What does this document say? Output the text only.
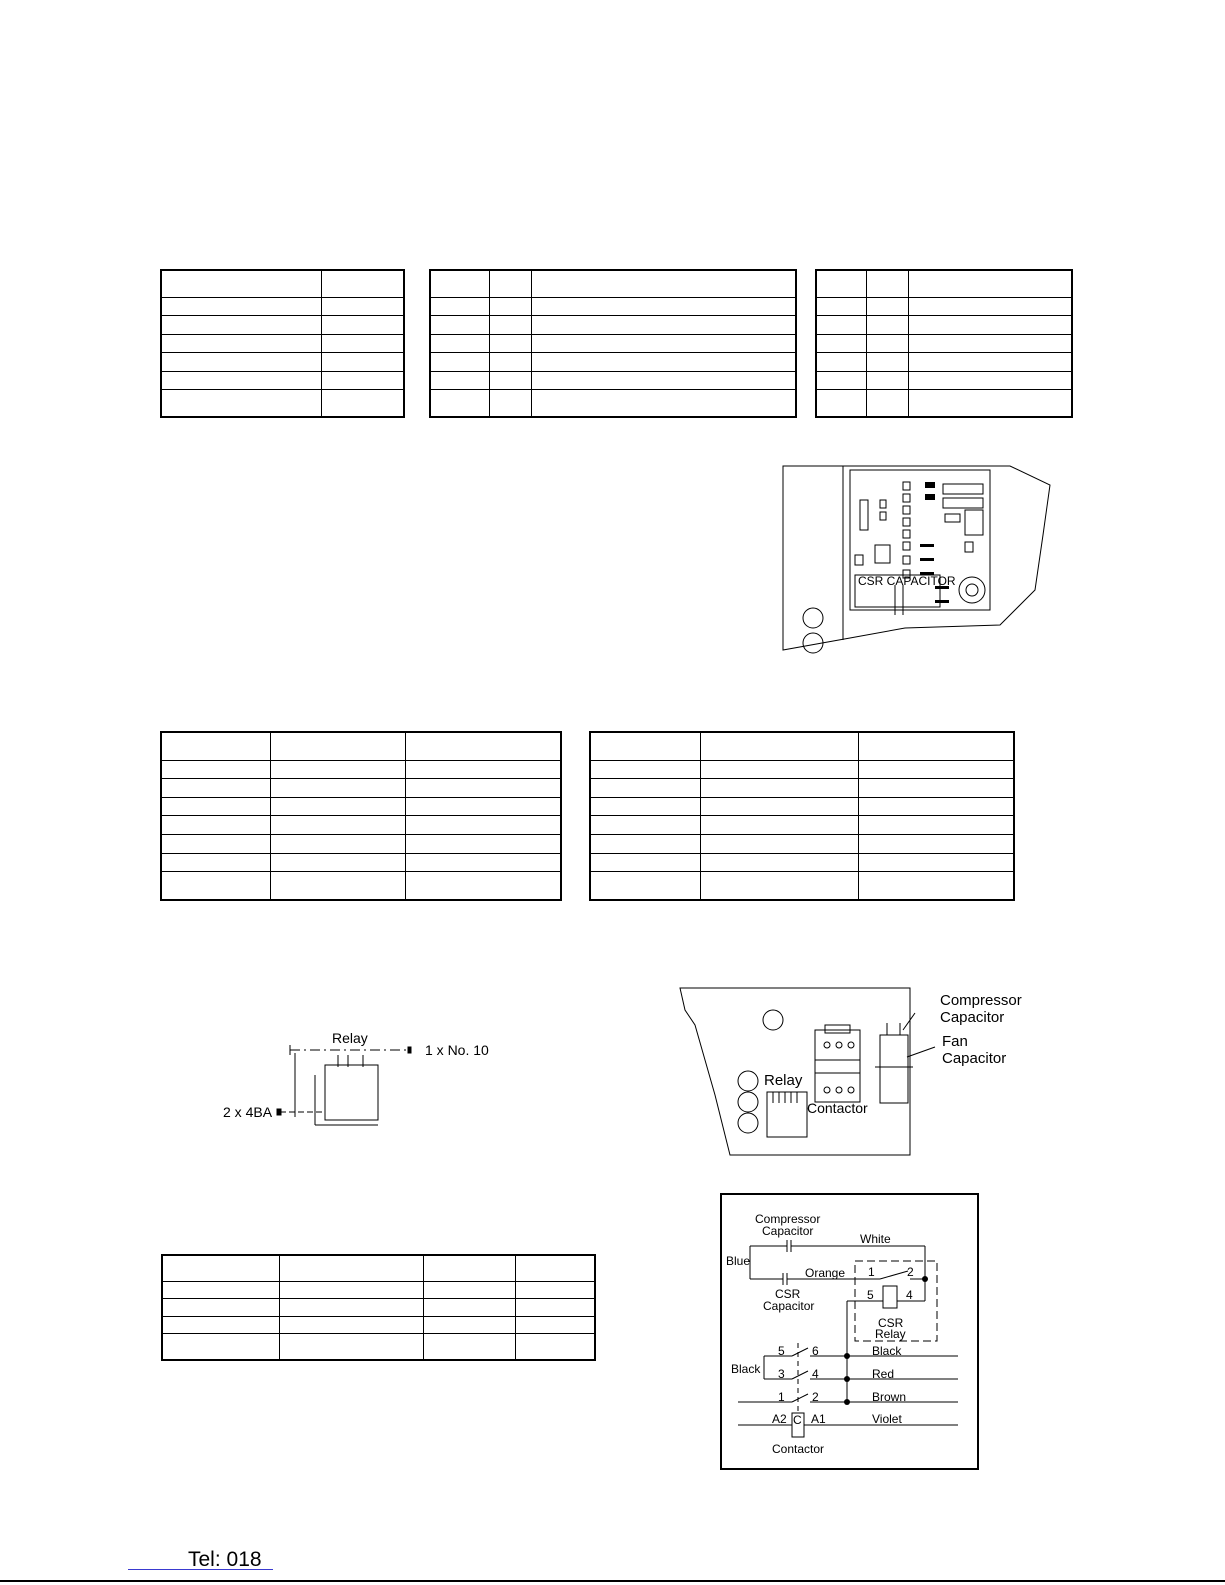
CSR CAPACITOR

Relay
1 x No. 10
2 x 4BA
Compressor
Capacitor
Fan
Capacitor
Relay
Contactor

Compressor
Capacitor
White
Blue
Orange 1	2
CSR
Capacitor
5	4
CSR
Relay
5 6
3 4
1 2
Black
Black
Red
Brown
Violet
A2 A1
C
Contactor
Tel: 018
